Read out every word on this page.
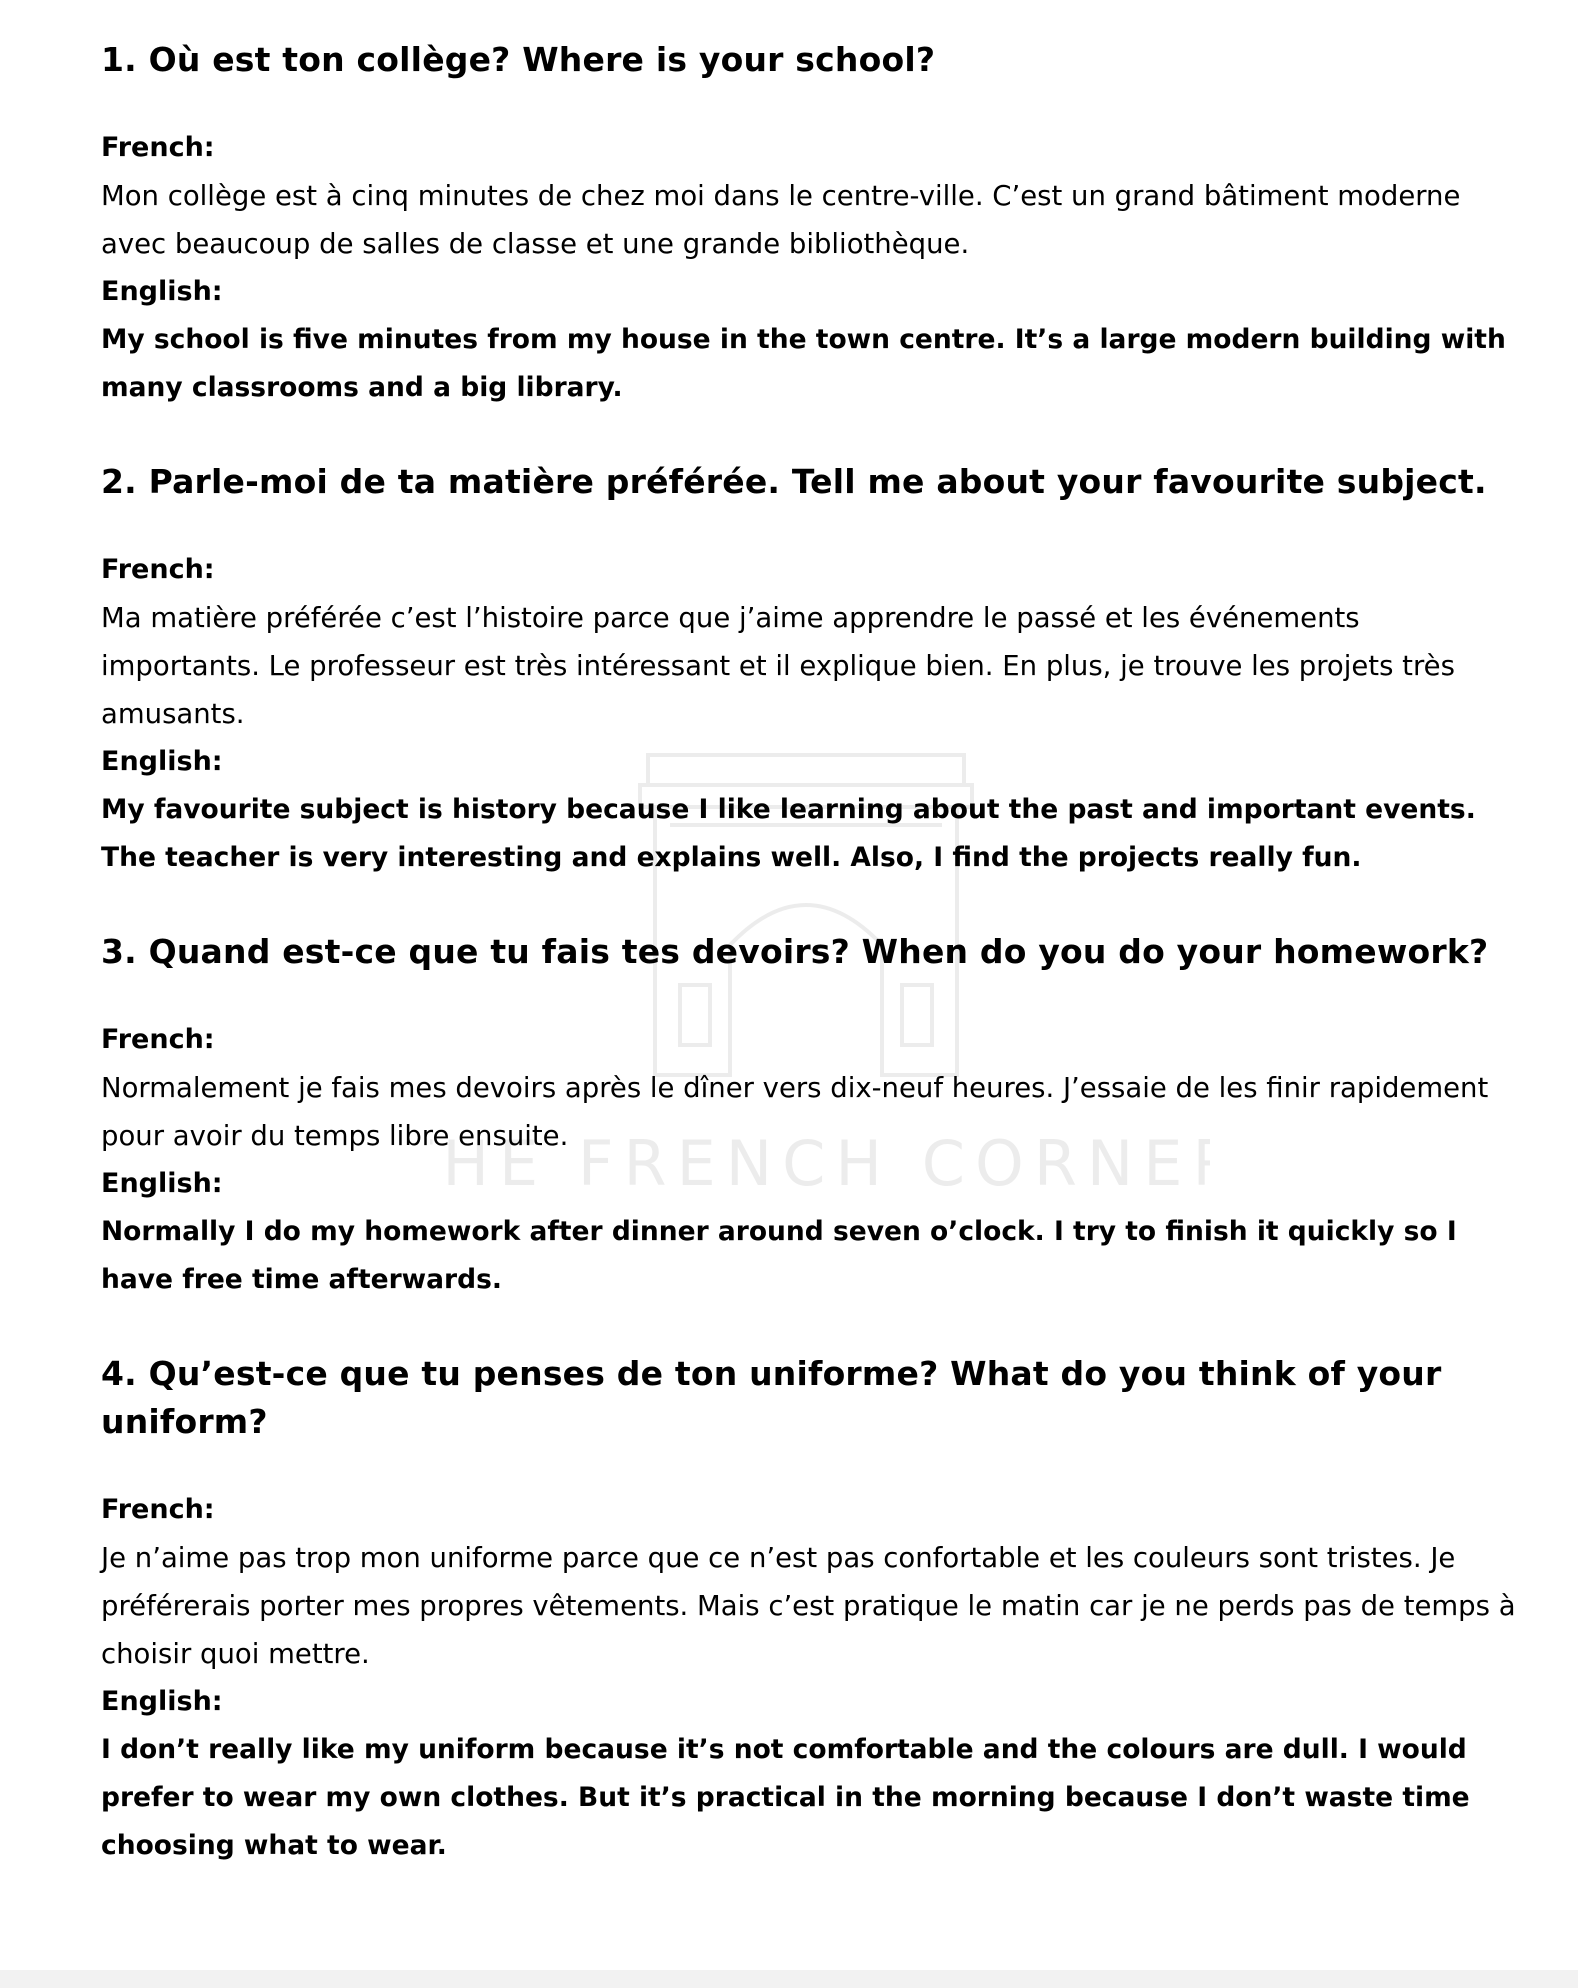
THE FRENCH CORNER

1. Où est ton collège? Where is your school?

French:

Mon collège est à cinq minutes de chez moi dans le centre-ville. C’est un grand bâtiment moderne avec beaucoup de salles de classe et une grande bibliothèque.

English:

My school is five minutes from my house in the town centre. It’s a large modern building with many classrooms and a big library.

2. Parle-moi de ta matière préférée. Tell me about your favourite subject.

French:

Ma matière préférée c’est l’histoire parce que j’aime apprendre le passé et les événements importants. Le professeur est très intéressant et il explique bien. En plus, je trouve les projets très amusants.

English:

My favourite subject is history because I like learning about the past and important events. The teacher is very interesting and explains well. Also, I find the projects really fun.

3. Quand est-ce que tu fais tes devoirs? When do you do your homework?

French:

Normalement je fais mes devoirs après le dîner vers dix-neuf heures. J’essaie de les finir rapidement pour avoir du temps libre ensuite.

English:

Normally I do my homework after dinner around seven o’clock. I try to finish it quickly so I have free time afterwards.

4. Qu’est-ce que tu penses de ton uniforme? What do you think of your uniform?

French:

Je n’aime pas trop mon uniforme parce que ce n’est pas confortable et les couleurs sont tristes. Je préférerais porter mes propres vêtements. Mais c’est pratique le matin car je ne perds pas de temps à choisir quoi mettre.

English:

I don’t really like my uniform because it’s not comfortable and the colours are dull. I would prefer to wear my own clothes. But it’s practical in the morning because I don’t waste time choosing what to wear.
